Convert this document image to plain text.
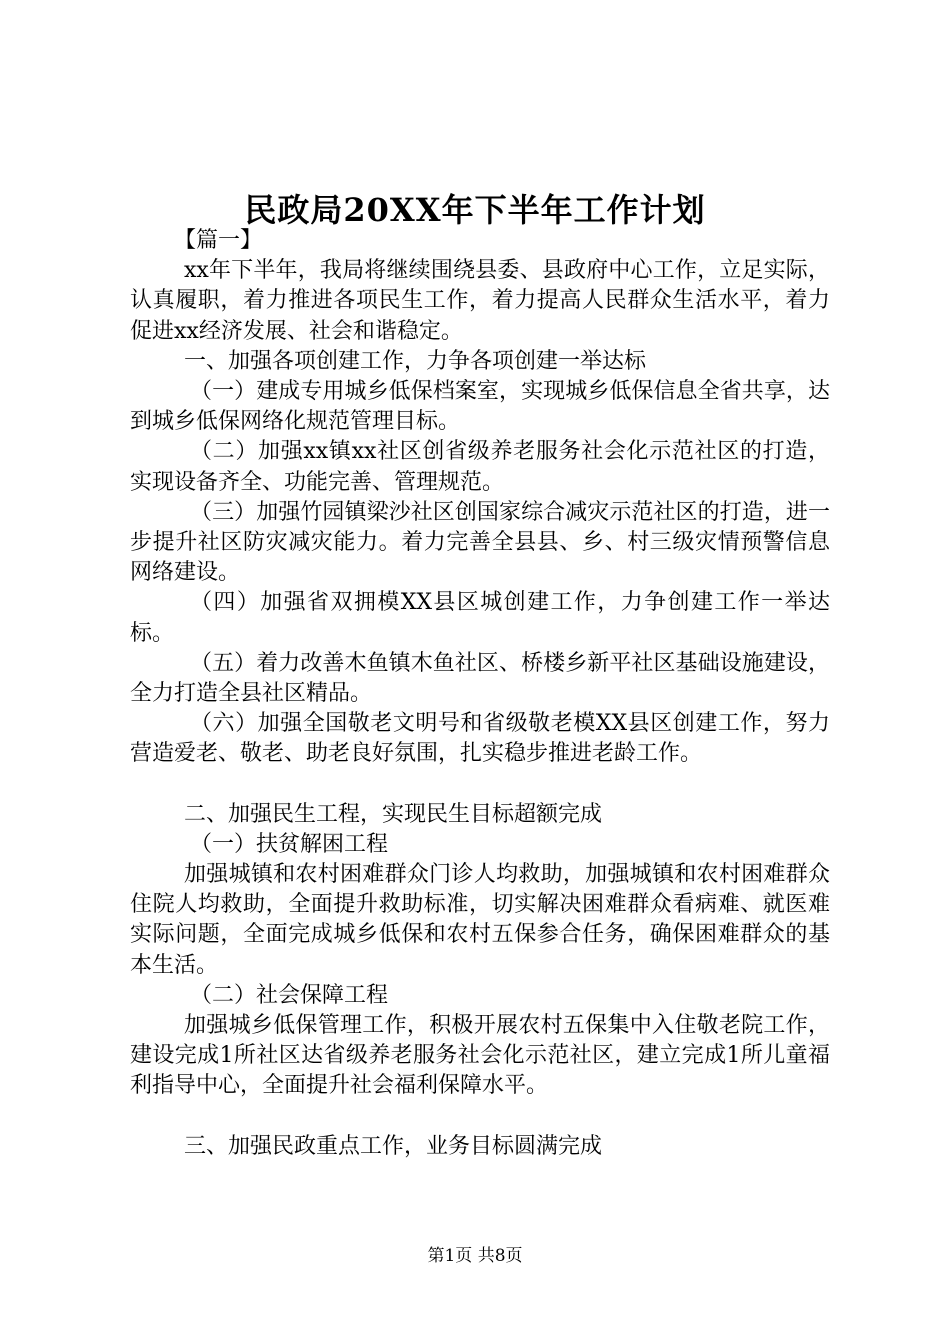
民政局20XX年下半年工作计划

【篇一】

xx年下半年，我局将继续围绕县委、县政府中心工作，立足实际，认真履职，着力推进各项民生工作，着力提高人民群众生活水平，着力促进xx经济发展、社会和谐稳定。

一、加强各项创建工作，力争各项创建一举达标

（一）建成专用城乡低保档案室，实现城乡低保信息全省共享，达到城乡低保网络化规范管理目标。

（二）加强xx镇xx社区创省级养老服务社会化示范社区的打造，实现设备齐全、功能完善、管理规范。

（三）加强竹园镇梁沙社区创国家综合减灾示范社区的打造，进一步提升社区防灾减灾能力。着力完善全县县、乡、村三级灾情预警信息网络建设。

（四）加强省双拥模XX县区城创建工作，力争创建工作一举达标。

（五）着力改善木鱼镇木鱼社区、桥楼乡新平社区基础设施建设，全力打造全县社区精品。

（六）加强全国敬老文明号和省级敬老模XX县区创建工作，努力营造爱老、敬老、助老良好氛围，扎实稳步推进老龄工作。

二、加强民生工程，实现民生目标超额完成

（一）扶贫解困工程

加强城镇和农村困难群众门诊人均救助，加强城镇和农村困难群众住院人均救助，全面提升救助标准，切实解决困难群众看病难、就医难实际问题，全面完成城乡低保和农村五保参合任务，确保困难群众的基本生活。

（二）社会保障工程

加强城乡低保管理工作，积极开展农村五保集中入住敬老院工作，建设完成1所社区达省级养老服务社会化示范社区，建立完成1所儿童福利指导中心，全面提升社会福利保障水平。

三、加强民政重点工作，业务目标圆满完成

第1页 共8页
